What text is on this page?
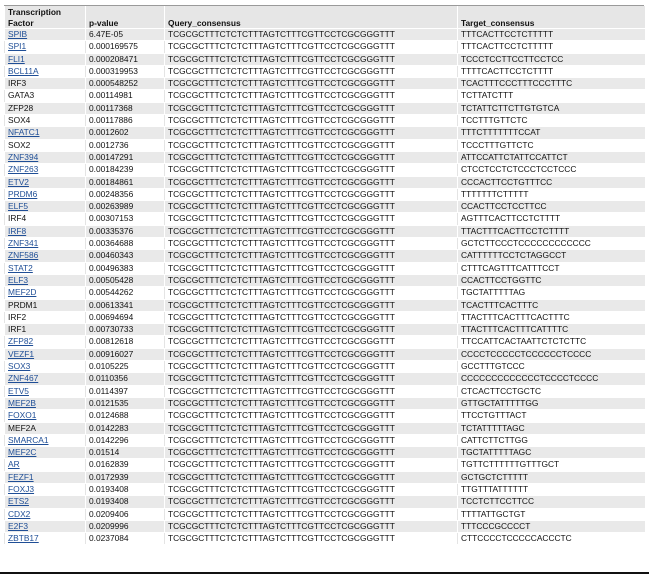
Transcription Factor	p-value	Query_consensus	Target_consensus
SPIB	6.47E-05	TCGCGCTTTCTCTCTTTAGTCTTTCGTTCCTCGCGGGTTT	TTTCACTTCCTCTTTTT
SPI1	0.000169575	TCGCGCTTTCTCTCTTTAGTCTTTCGTTCCTCGCGGGTTT	TTTCACTTCCTCTTTTT
FLI1	0.000208471	TCGCGCTTTCTCTCTTTAGTCTTTCGTTCCTCGCGGGTTT	TCCCTCCTTCCTTCCTCC
BCL11A	0.000319953	TCGCGCTTTCTCTCTTTAGTCTTTCGTTCCTCGCGGGTTT	TTTTCACTTCCTCTTTT
IRF3	0.000548252	TCGCGCTTTCTCTCTTTAGTCTTTCGTTCCTCGCGGGTTT	TCACTTTCCCTTTCCCTTTC
GATA3	0.00114981	TCGCGCTTTCTCTCTTTAGTCTTTCGTTCCTCGCGGGTTT	TCTTATCTTT
ZFP28	0.00117368	TCGCGCTTTCTCTCTTTAGTCTTTCGTTCCTCGCGGGTTT	TCTATTCTTCTTGTGTCA
SOX4	0.00117886	TCGCGCTTTCTCTCTTTAGTCTTTCGTTCCTCGCGGGTTT	TCCTTTGTTCTC
NFATC1	0.0012602	TCGCGCTTTCTCTCTTTAGTCTTTCGTTCCTCGCGGGTTT	TTTCTTTTTTTCCAT
SOX2	0.0012736	TCGCGCTTTCTCTCTTTAGTCTTTCGTTCCTCGCGGGTTT	TCCCTTTGTTCTC
ZNF394	0.00147291	TCGCGCTTTCTCTCTTTAGTCTTTCGTTCCTCGCGGGTTT	ATTCCATTCTATTCCATTCT
ZNF263	0.00184239	TCGCGCTTTCTCTCTTTAGTCTTTCGTTCCTCGCGGGTTT	CTCCTCCTCTCCCTCCTCCC
ETV2	0.00184861	TCGCGCTTTCTCTCTTTAGTCTTTCGTTCCTCGCGGGTTT	CCCACTTCCTGTTTCC
PRDM6	0.00248356	TCGCGCTTTCTCTCTTTAGTCTTTCGTTCCTCGCGGGTTT	TTTTTTTCTTTTT
ELF5	0.00263989	TCGCGCTTTCTCTCTTTAGTCTTTCGTTCCTCGCGGGTTT	CCACTTCCTCCTTCC
IRF4	0.00307153	TCGCGCTTTCTCTCTTTAGTCTTTCGTTCCTCGCGGGTTT	AGTTTCACTTCCTCTTTT
IRF8	0.00335376	TCGCGCTTTCTCTCTTTAGTCTTTCGTTCCTCGCGGGTTT	TTACTTTCACTTCCTCTTTT
ZNF341	0.00364688	TCGCGCTTTCTCTCTTTAGTCTTTCGTTCCTCGCGGGTTT	GCTCTTCCCTCCCCCCCCCCCC
ZNF586	0.00460343	TCGCGCTTTCTCTCTTTAGTCTTTCGTTCCTCGCGGGTTT	CATTTTTTCCTCTAGGCCT
STAT2	0.00496383	TCGCGCTTTCTCTCTTTAGTCTTTCGTTCCTCGCGGGTTT	CTTTCAGTTTCATTTCCT
ELF3	0.00505428	TCGCGCTTTCTCTCTTTAGTCTTTCGTTCCTCGCGGGTTT	CCACTTCCTGGTTC
MEF2D	0.00544262	TCGCGCTTTCTCTCTTTAGTCTTTCGTTCCTCGCGGGTTT	TGCTATTTTTAG
PRDM1	0.00613341	TCGCGCTTTCTCTCTTTAGTCTTTCGTTCCTCGCGGGTTT	TCACTTTCACTTTC
IRF2	0.00694694	TCGCGCTTTCTCTCTTTAGTCTTTCGTTCCTCGCGGGTTT	TTACTTTCACTTTCACTTTC
IRF1	0.00730733	TCGCGCTTTCTCTCTTTAGTCTTTCGTTCCTCGCGGGTTT	TTACTTTCACTTTCATTTTC
ZFP82	0.00812618	TCGCGCTTTCTCTCTTTAGTCTTTCGTTCCTCGCGGGTTT	TTCCATTCACTAATTCTCTCTTC
VEZF1	0.00916027	TCGCGCTTTCTCTCTTTAGTCTTTCGTTCCTCGCGGGTTT	CCCCTCCCCCTCCCCCCTCCCC
SOX3	0.0105225	TCGCGCTTTCTCTCTTTAGTCTTTCGTTCCTCGCGGGTTT	GCCTTTGTCCC
ZNF467	0.0110356	TCGCGCTTTCTCTCTTTAGTCTTTCGTTCCTCGCGGGTTT	CCCCCCCCCCCCCTCCCCTCCCC
ETV5	0.0114397	TCGCGCTTTCTCTCTTTAGTCTTTCGTTCCTCGCGGGTTT	CTCACTTCCTGCTC
MEF2B	0.0121535	TCGCGCTTTCTCTCTTTAGTCTTTCGTTCCTCGCGGGTTT	GTTGCTATTTTTGG
FOXO1	0.0124688	TCGCGCTTTCTCTCTTTAGTCTTTCGTTCCTCGCGGGTTT	TTCCTGTTTACT
MEF2A	0.0142283	TCGCGCTTTCTCTCTTTAGTCTTTCGTTCCTCGCGGGTTT	TCTATTTTTAGC
SMARCA1	0.0142296	TCGCGCTTTCTCTCTTTAGTCTTTCGTTCCTCGCGGGTTT	CATTCTTCTTGG
MEF2C	0.01514	TCGCGCTTTCTCTCTTTAGTCTTTCGTTCCTCGCGGGTTT	TGCTATTTTTAGC
AR	0.0162839	TCGCGCTTTCTCTCTTTAGTCTTTCGTTCCTCGCGGGTTT	TGTTCTTTTTTGTTTGCT
FEZF1	0.0172939	TCGCGCTTTCTCTCTTTAGTCTTTCGTTCCTCGCGGGTTT	GCTGCTCTTTTT
FOXJ3	0.0193408	TCGCGCTTTCTCTCTTTAGTCTTTCGTTCCTCGCGGGTTT	TTGTTTATTTTTT
ETS2	0.0193408	TCGCGCTTTCTCTCTTTAGTCTTTCGTTCCTCGCGGGTTT	TCCTCTTCCTTCC
CDX2	0.0209406	TCGCGCTTTCTCTCTTTAGTCTTTCGTTCCTCGCGGGTTT	TTTTATTGCTGT
E2F3	0.0209996	TCGCGCTTTCTCTCTTTAGTCTTTCGTTCCTCGCGGGTTT	TTTCCCGCCCCT
ZBTB17	0.0237084	TCGCGCTTTCTCTCTTTAGTCTTTCGTTCCTCGCGGGTTT	CTTCCCCTCCCCCACCCTC
